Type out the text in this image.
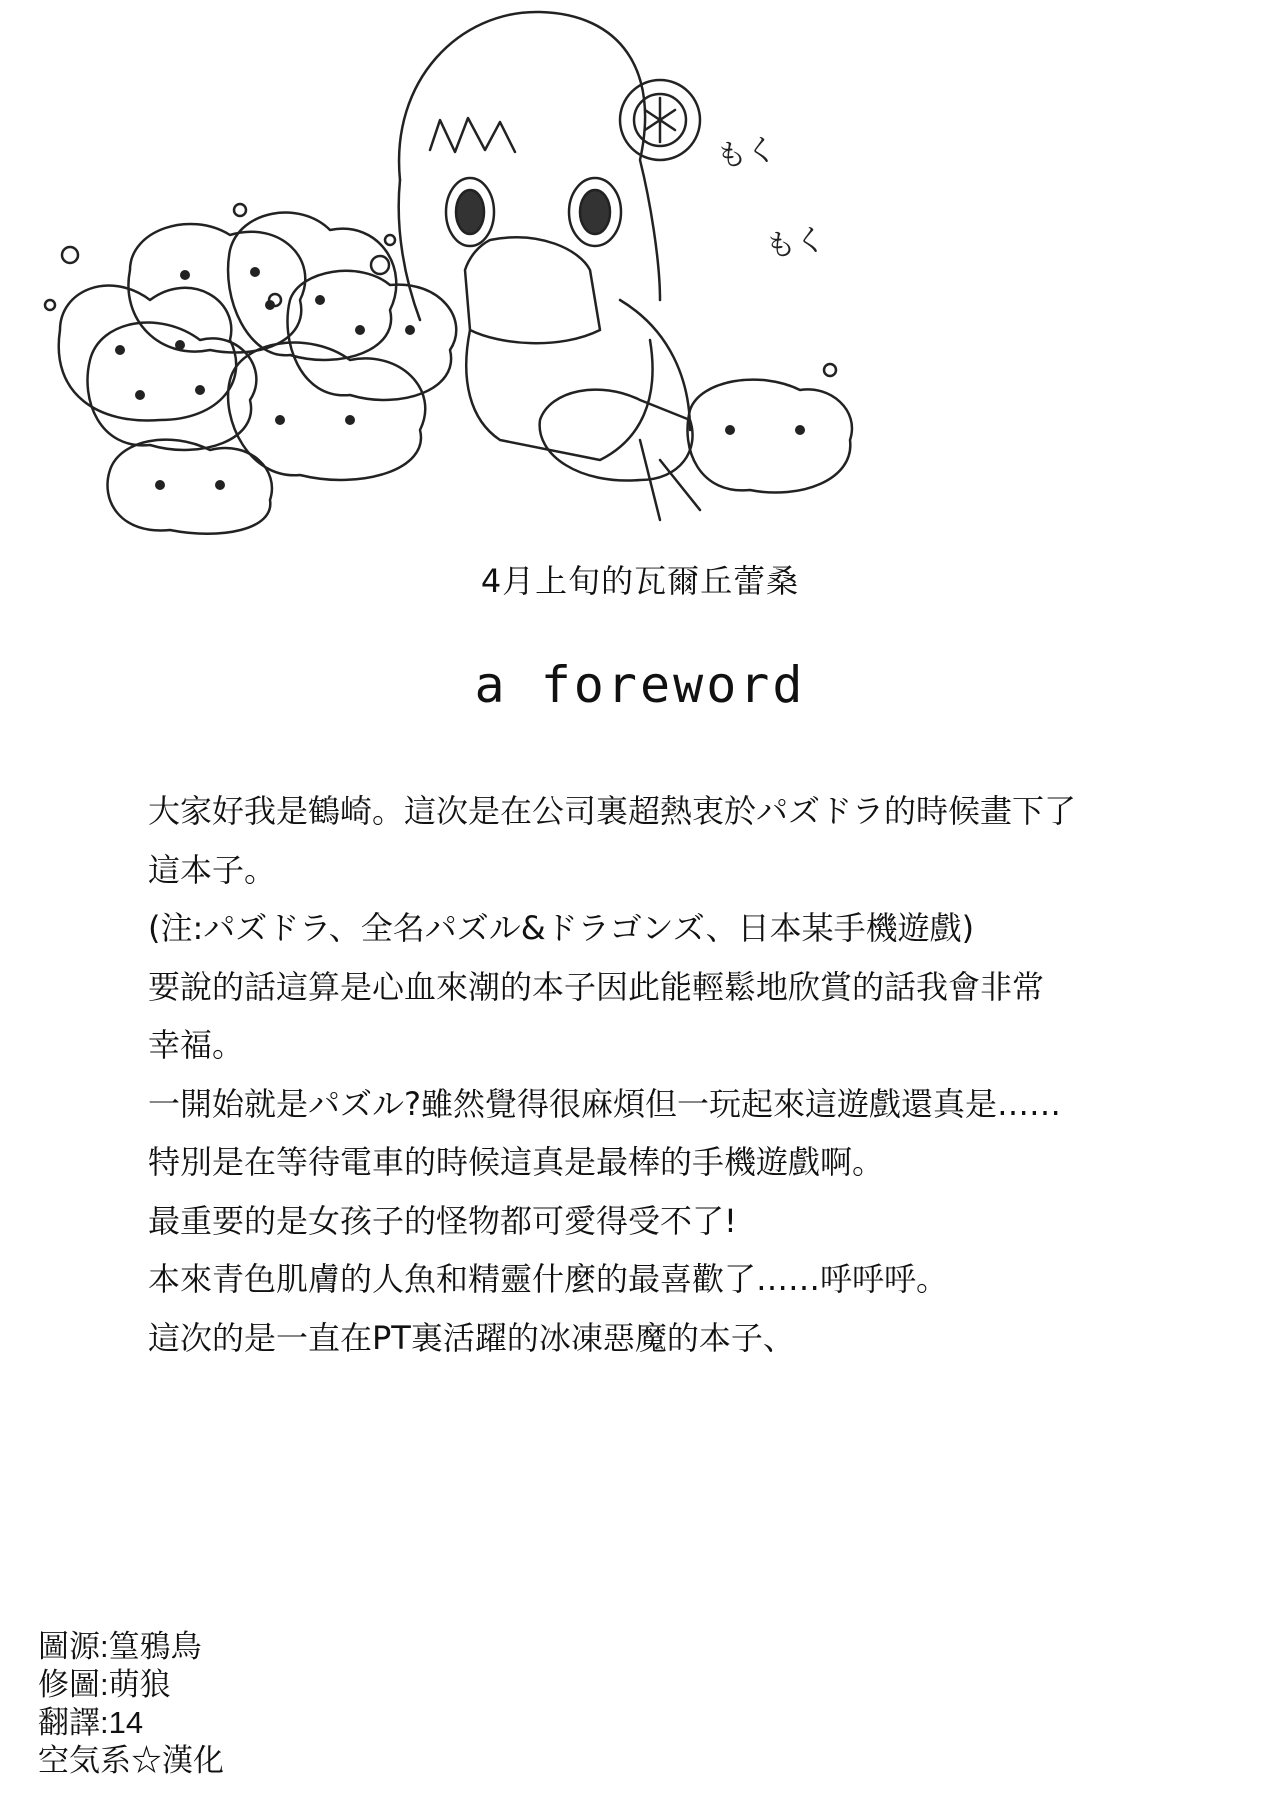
もく
もく
4月上旬的瓦爾丘蕾桑
a foreword
大家好我是鶴崎。這次是在公司裏超熱衷於パズドラ的時候畫下了
這本子。
(注:パズドラ、全名パズル&ドラゴンズ、日本某手機遊戲)
要說的話這算是心血來潮的本子因此能輕鬆地欣賞的話我會非常
幸福。
一開始就是パズル?雖然覺得很麻煩但一玩起來這遊戲還真是……
特別是在等待電車的時候這真是最棒的手機遊戲啊。
最重要的是女孩子的怪物都可愛得受不了!
本來青色肌膚的人魚和精靈什麼的最喜歡了……呼呼呼。
這次的是一直在PT裏活躍的冰凍惡魔的本子、
圖源:篁鴉鳥
修圖:萌狼
翻譯:14
空気系☆漢化
